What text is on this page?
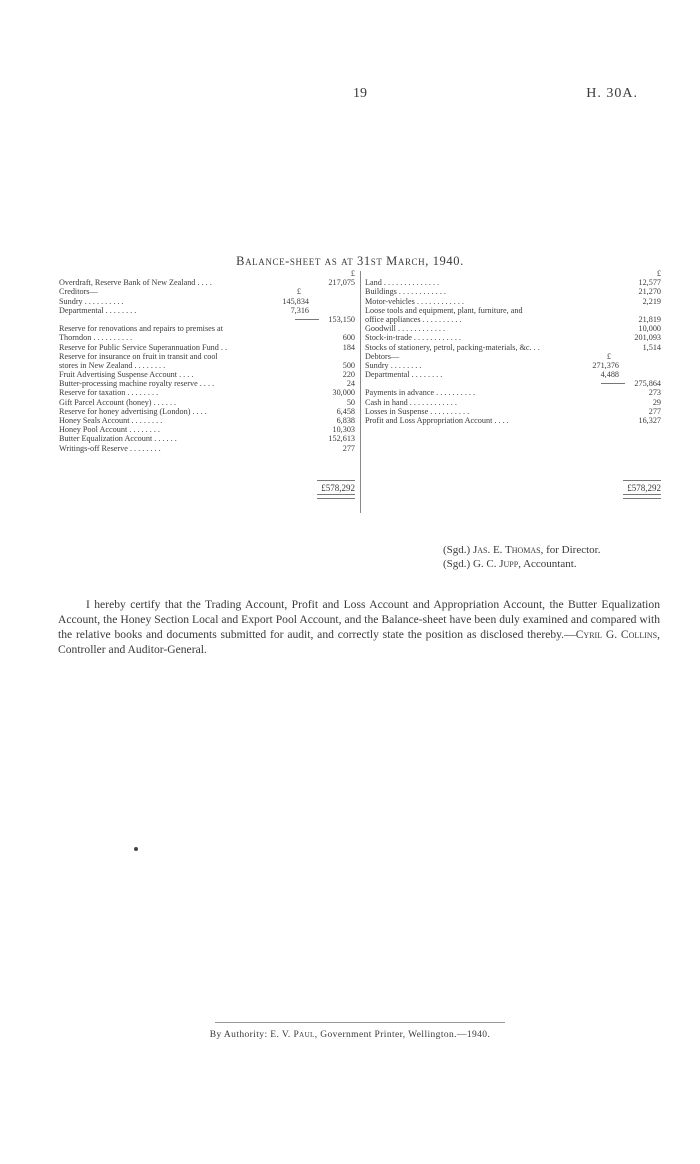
19	H. 30A.
Balance-sheet as at 31st March, 1940.
£
Overdraft, Reserve Bank of New Zealand . . . .	217,075
Creditors—	£
Sundry . . . . . . . . . .	145,834
Departmental . . . . . . . .	7,316
153,150
Reserve for renovations and repairs to premises at
Thorndon . . . . . . . . . .	600
Reserve for Public Service Superannuation Fund . .	184
Reserve for insurance on fruit in transit and cool
stores in New Zealand . . . . . . . .	500
Fruit Advertising Suspense Account . . . .	220
Butter-processing machine royalty reserve . . . .	24
Reserve for taxation . . . . . . . .	30,000
Gift Parcel Account (honey) . . . . . .	50
Reserve for honey advertising (London) . . . .	6,458
Honey Seals Account . . . . . . . .	6,838
Honey Pool Account . . . . . . . .	10,303
Butter Equalization Account . . . . . .	152,613
Writings-off Reserve . . . . . . . .	277
£578,292
£
Land . . . . . . . . . . . . . .	12,577
Buildings . . . . . . . . . . . .	21,270
Motor-vehicles . . . . . . . . . . . .	2,219
Loose tools and equipment, plant, furniture, and
office appliances . . . . . . . . . .	21,819
Goodwill . . . . . . . . . . . .	10,000
Stock-in-trade . . . . . . . . . . . .	201,093
Stocks of stationery, petrol, packing-materials, &c. . .	1,514
Debtors—	£
Sundry . . . . . . . .	271,376
Departmental . . . . . . . .	4,488
275,864
Payments in advance . . . . . . . . . .	273
Cash in hand . . . . . . . . . . . .	29
Losses in Suspense . . . . . . . . . .	277
Profit and Loss Appropriation Account . . . .	16,327
£578,292
(Sgd.) Jas. E. Thomas, for Director.
(Sgd.) G. C. Jupp, Accountant.
I hereby certify that the Trading Account, Profit and Loss Account and Appropriation Account, the Butter Equalization Account, the Honey Section Local and Export Pool Account, and the Balance-sheet have been duly examined and compared with the relative books and documents submitted for audit, and correctly state the position as disclosed thereby.—Cyril G. Collins, Controller and Auditor-General.
By Authority: E. V. Paul, Government Printer, Wellington.—1940.
